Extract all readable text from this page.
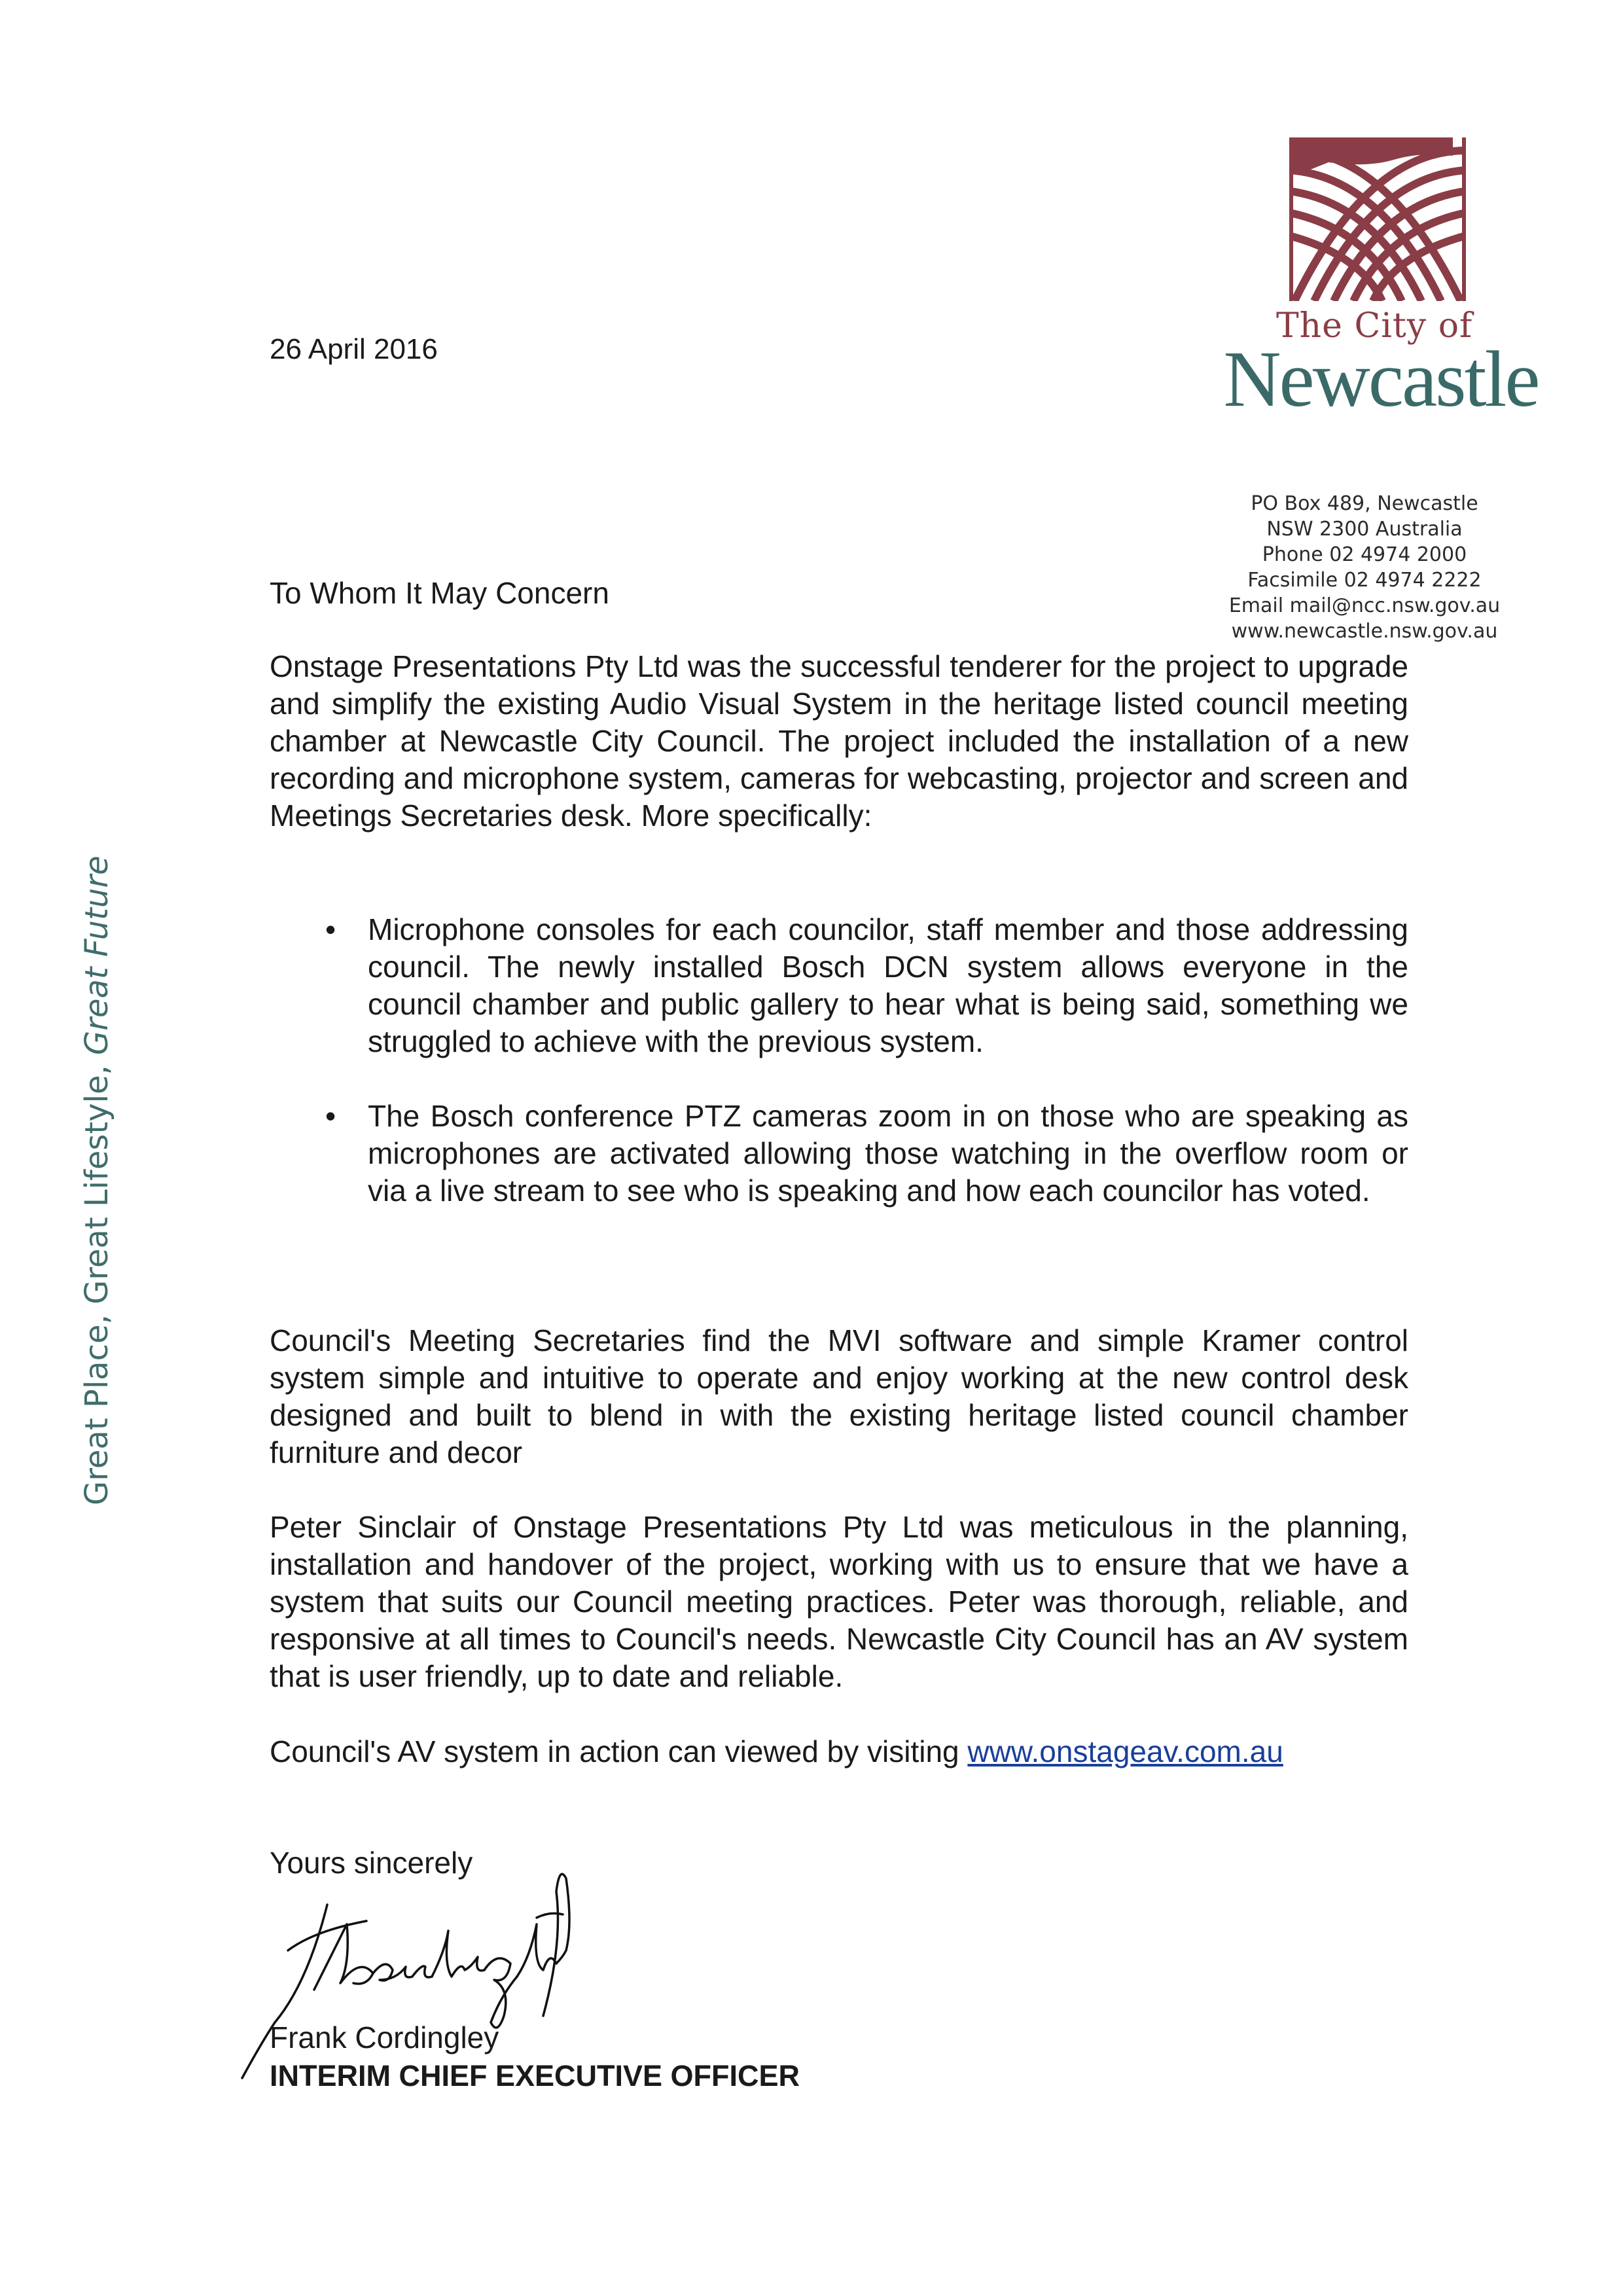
The City of
Newcastle
PO Box 489, Newcastle
NSW 2300 Australia
Phone 02 4974 2000
Facsimile 02 4974 2222
Email mail@ncc.nsw.gov.au
www.newcastle.nsw.gov.au
Great Place, Great Lifestyle, Great Future
26 April 2016
To Whom It May Concern
Onstage Presentations Pty Ltd was the successful tenderer for the project to upgrade and simplify the existing Audio Visual System in the heritage listed council meeting chamber at Newcastle City Council. The project included the installation of a new recording and microphone system, cameras for webcasting, projector and screen and Meetings Secretaries desk. More specifically:
• Microphone consoles for each councilor, staff member and those addressing council. The newly installed Bosch DCN system allows everyone in the council chamber and public gallery to hear what is being said, something we struggled to achieve with the previous system.
• The Bosch conference PTZ cameras zoom in on those who are speaking as microphones are activated allowing those watching in the overflow room or via a live stream to see who is speaking and how each councilor has voted.
Council's Meeting Secretaries find the MVI software and simple Kramer control system simple and intuitive to operate and enjoy working at the new control desk designed and built to blend in with the existing heritage listed council chamber furniture and decor
Peter Sinclair of Onstage Presentations Pty Ltd was meticulous in the planning, installation and handover of the project, working with us to ensure that we have a system that suits our Council meeting practices. Peter was thorough, reliable, and responsive at all times to Council's needs. Newcastle City Council has an AV system that is user friendly, up to date and reliable.
Council's AV system in action can viewed by visiting www.onstageav.com.au
Yours sincerely
Frank Cordingley
INTERIM CHIEF EXECUTIVE OFFICER
